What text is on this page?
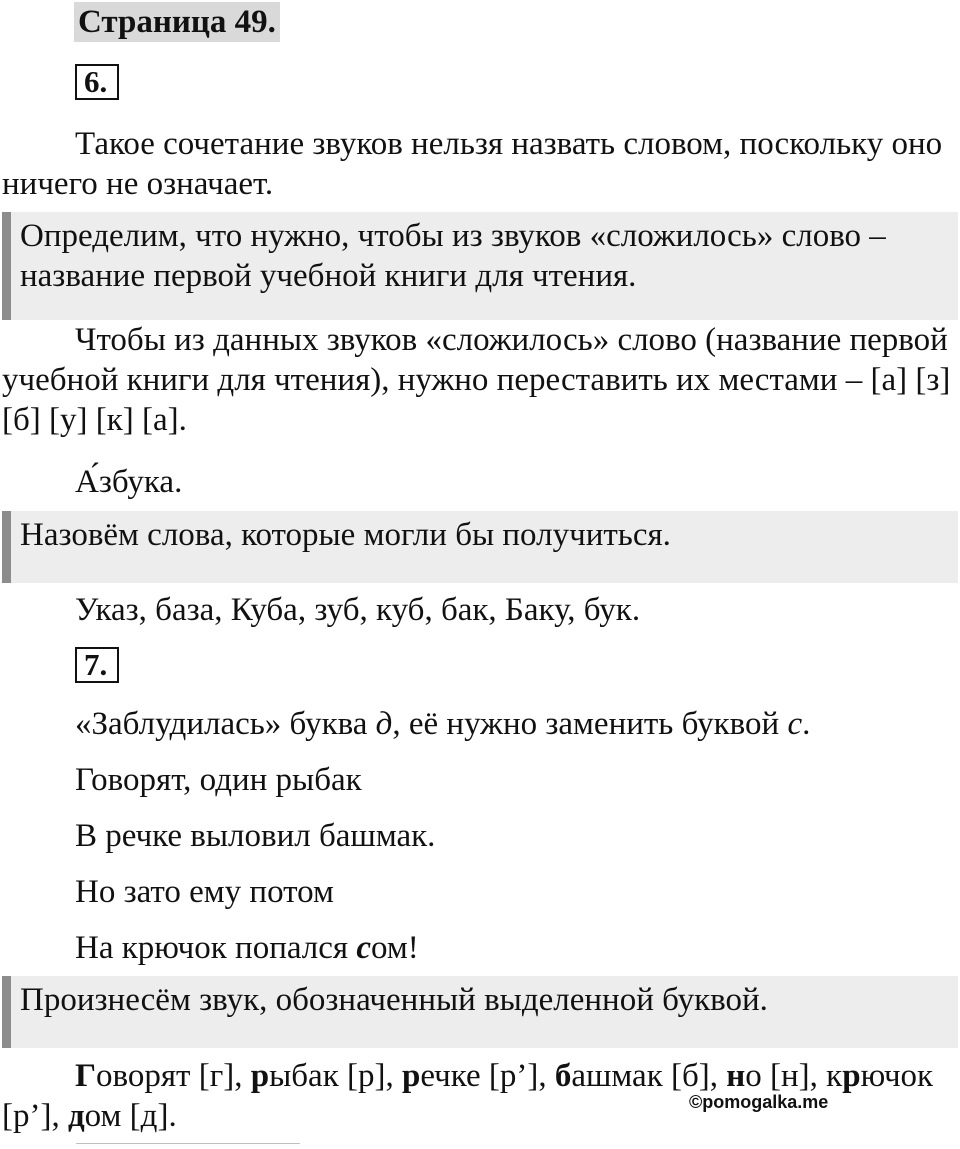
Страница 49.
6.

Такое сочетание звуков нельзя назвать словом, поскольку оно ничего не означает.

Определим, что нужно, чтобы из звуков «сложилось» слово – название первой учебной книги для чтения.

Чтобы из данных звуков «сложилось» слово (название первой учебной книги для чтения), нужно переставить их местами – [а] [з] [б] [у] [к] [а].

А́збука.

Назовём слова, которые могли бы получиться.

Указ, база, Куба, зуб, куб, бак, Баку, бук.
7.
«Заблудилась» буква д, её нужно заменить буквой с.
Говорят, один рыбак
В речке выловил башмак.
Но зато ему потом
На крючок попался сом!

Произнесём звук, обозначенный выделенной буквой.

Говорят [г], рыбак [р], речке [р’], башмак [б], но [н], крючок [р’], дом [д].	©pomogalka.me
